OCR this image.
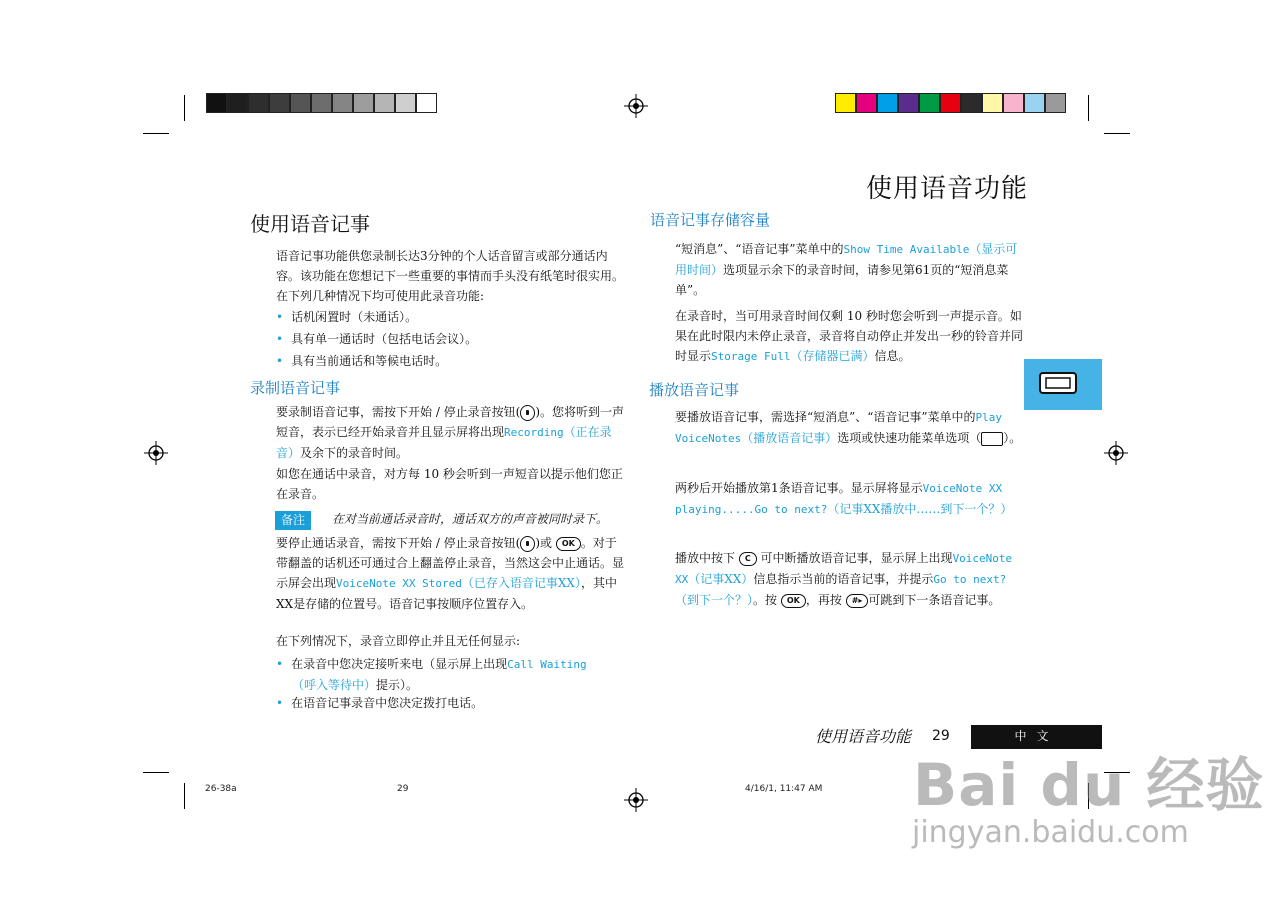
使用语音功能
使用语音记事
语音记事功能供您录制长达3分钟的个人话音留言或部分通话内容。该功能在您想记下一些重要的事情而手头没有纸笔时很实用。在下列几种情况下均可使用此录音功能:
• 话机闲置时（未通话）。
• 具有单一通话时（包括电话会议）。
• 具有当前通话和等候电话时。
录制语音记事
要录制语音记事，需按下开始 / 停止录音按钮( )。您将听到一声短音，表示已经开始录音并且显示屏将出现Recording（正在录音）及余下的录音时间。
如您在通话中录音，对方每 10 秒会听到一声短音以提示他们您正在录音。
备注	在对当前通话录音时，通话双方的声音被同时录下。
要停止通话录音，需按下开始 / 停止录音按钮( )或 OK 。对于带翻盖的话机还可通过合上翻盖停止录音，当然这会中止通话。显示屏会出现VoiceNote XX Stored（已存入语音记事XX），其中XX是存储的位置号。语音记事按顺序位置存入。
在下列情况下，录音立即停止并且无任何显示:
• 在录音中您决定接听来电（显示屏上出现Call Waiting
（呼入等待中）提示）。
• 在语音记事录音中您决定拨打电话。
语音记事存储容量
“短消息”、“语音记事”菜单中的Show Time Available（显示可用时间）选项显示余下的录音时间，请参见第61页的“短消息菜单”。
在录音时，当可用录音时间仅剩 10 秒时您会听到一声提示音。如果在此时限内未停止录音，录音将自动停止并发出一秒的铃音并同时显示Storage Full（存储器已满）信息。
播放语音记事
要播放语音记事，需选择“短消息”、“语音记事”菜单中的Play VoiceNotes（播放语音记事）选项或快速功能菜单选项（ ）。
两秒后开始播放第1条语音记事。显示屏将显示VoiceNote XX playing.....Go to next?（记事XX播放中……到下一个？）
播放中按下 C 可中断播放语音记事，显示屏上出现VoiceNote XX（记事XX）信息指示当前的语音记事，并提示Go to next?（到下一个？）。按 OK ，再按 #▸ 可跳到下一条语音记事。
使用语音功能 29	中文
26-38a	29	4/16/1, 11:47 AM Bai du 经验
jingyan.baidu.com
